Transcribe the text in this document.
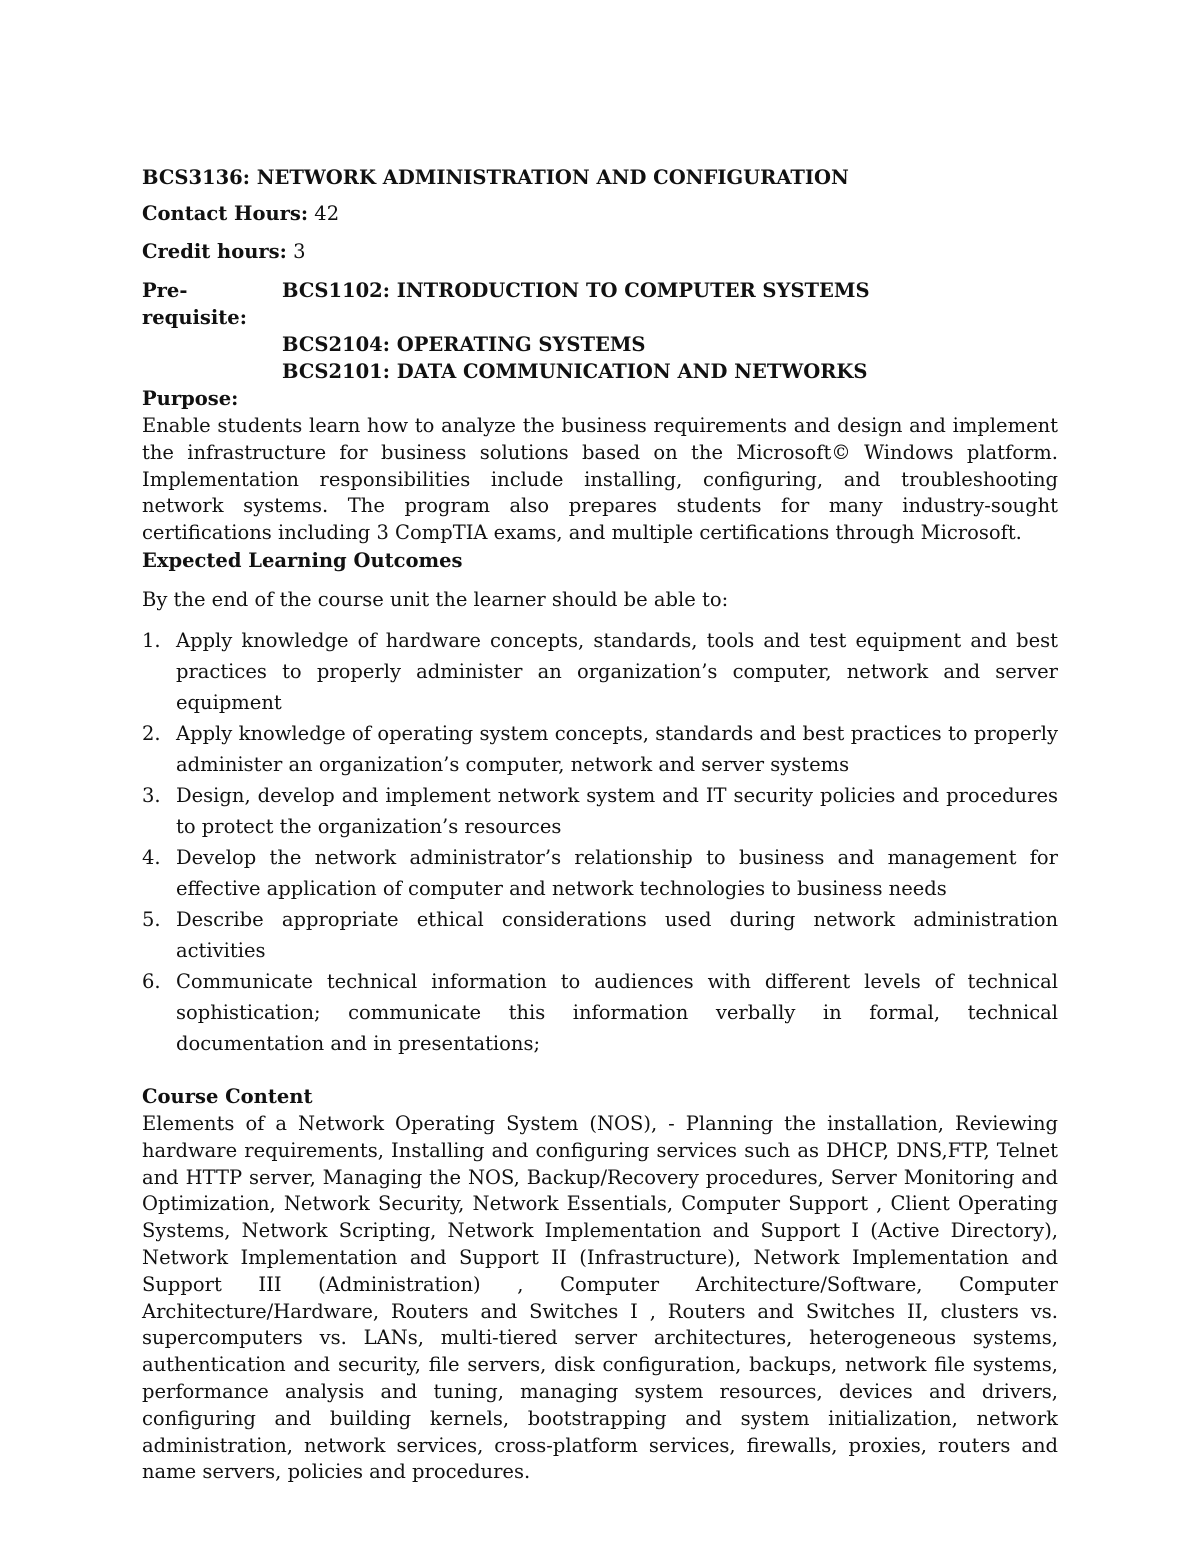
BCS3136: NETWORK ADMINISTRATION AND CONFIGURATION
Contact Hours: 42
Credit hours: 3
Pre-requisite:
BCS1102: INTRODUCTION TO COMPUTER SYSTEMS
BCS2104: OPERATING SYSTEMS
BCS2101: DATA COMMUNICATION AND NETWORKS
Purpose:
Enable students learn how to analyze the business requirements and design and implement the infrastructure for business solutions based on the Microsoft© Windows platform. Implementation responsibilities include installing, configuring, and troubleshooting network systems. The program also prepares students for many industry-sought certifications including 3 CompTIA exams, and multiple certifications through Microsoft.
Expected Learning Outcomes
By the end of the course unit the learner should be able to:
1. Apply knowledge of hardware concepts, standards, tools and test equipment and best practices to properly administer an organization’s computer, network and server equipment
2. Apply knowledge of operating system concepts, standards and best practices to properly administer an organization’s computer, network and server systems
3. Design, develop and implement network system and IT security policies and procedures to protect the organization’s resources
4. Develop the network administrator’s relationship to business and management for effective application of computer and network technologies to business needs
5. Describe appropriate ethical considerations used during network administration activities
6. Communicate technical information to audiences with different levels of technical sophistication; communicate this information verbally in formal, technical documentation and in presentations;
Course Content
Elements of a Network Operating System (NOS), - Planning the installation, Reviewing hardware requirements, Installing and configuring services such as DHCP, DNS,FTP, Telnet and HTTP server, Managing the NOS, Backup/Recovery procedures, Server Monitoring and Optimization, Network Security, Network Essentials, Computer Support , Client Operating Systems, Network Scripting, Network Implementation and Support I (Active Directory), Network Implementation and Support II (Infrastructure), Network Implementation and Support III (Administration) , Computer Architecture/Software, Computer Architecture/Hardware, Routers and Switches I , Routers and Switches II, clusters vs. supercomputers vs. LANs, multi-tiered server architectures, heterogeneous systems, authentication and security, file servers, disk configuration, backups, network file systems, performance analysis and tuning, managing system resources, devices and drivers, configuring and building kernels, bootstrapping and system initialization, network administration, network services, cross-platform services, firewalls, proxies, routers and name servers, policies and procedures.
